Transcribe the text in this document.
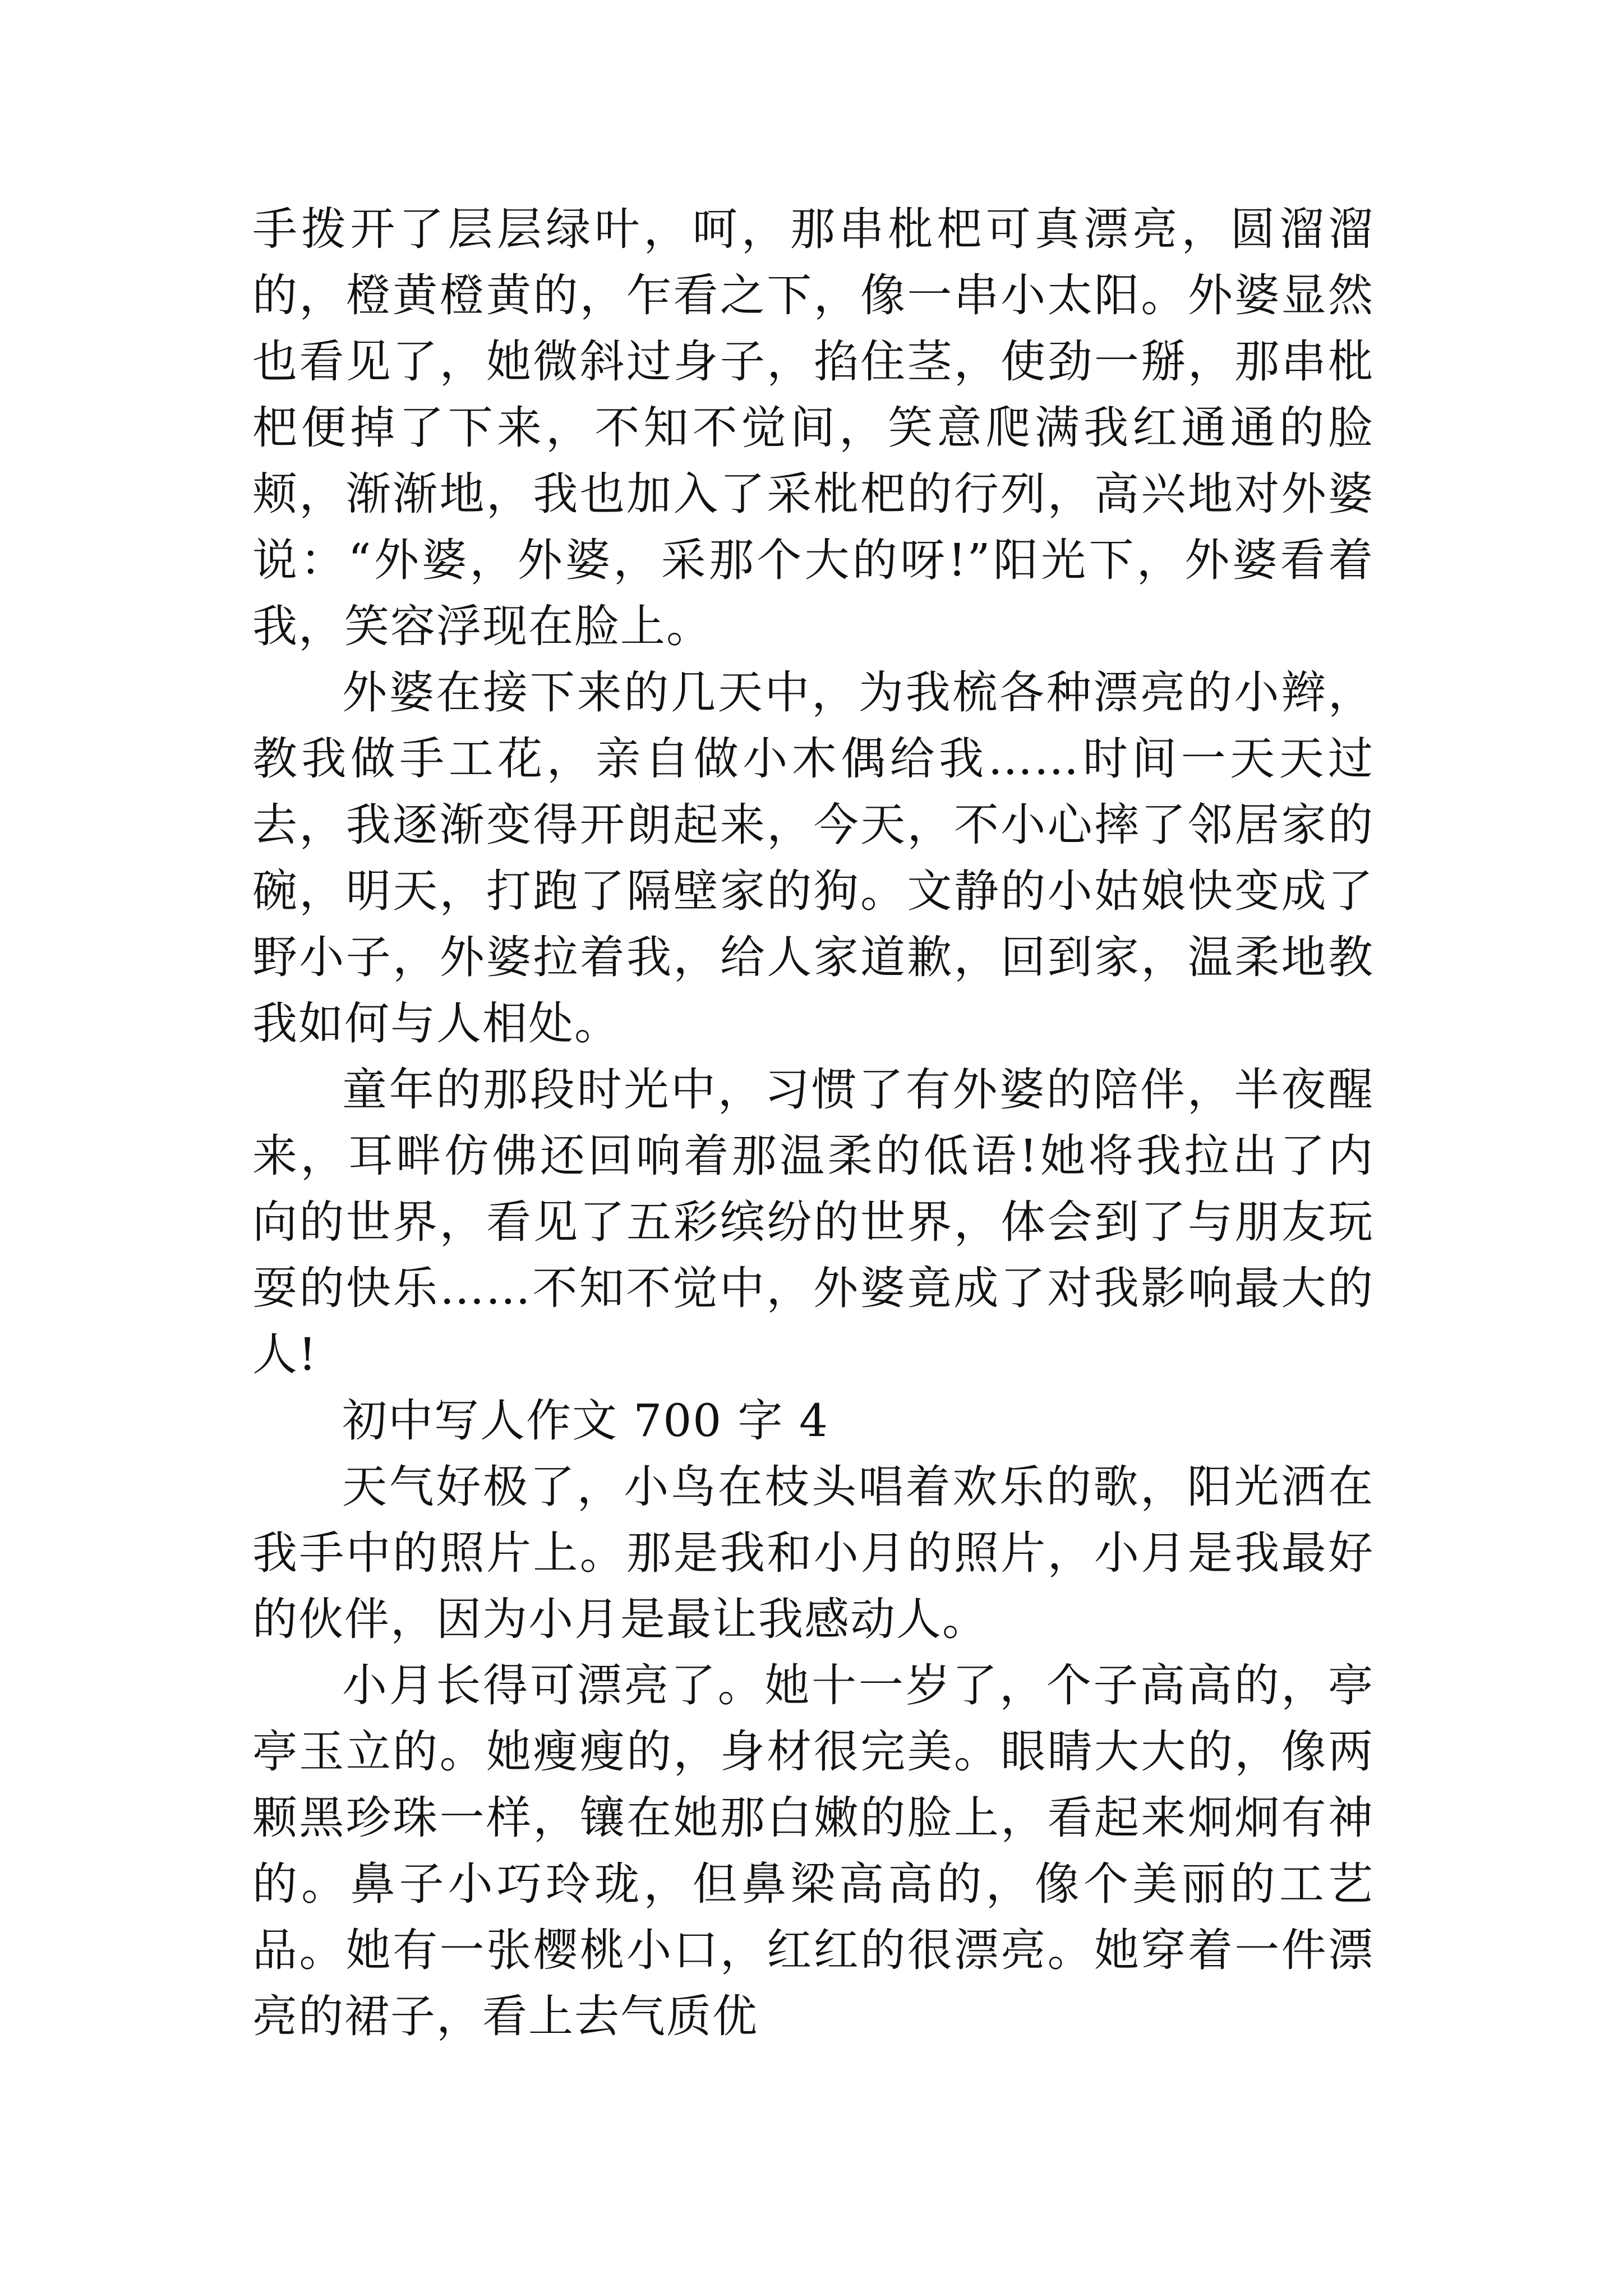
手拨开了层层绿叶，呵，那串枇杷可真漂亮，圆溜溜的，橙黄橙黄的，乍看之下，像一串小太阳。外婆显然也看见了，她微斜过身子，掐住茎，使劲一掰，那串枇杷便掉了下来，不知不觉间，笑意爬满我红通通的脸颊，渐渐地，我也加入了采枇杷的行列，高兴地对外婆说：“外婆，外婆，采那个大的呀!”阳光下，外婆看着我，笑容浮现在脸上。

外婆在接下来的几天中，为我梳各种漂亮的小辫，教我做手工花，亲自做小木偶给我……时间一天天过去，我逐渐变得开朗起来，今天，不小心摔了邻居家的碗，明天，打跑了隔壁家的狗。文静的小姑娘快变成了野小子，外婆拉着我，给人家道歉，回到家，温柔地教我如何与人相处。

童年的那段时光中，习惯了有外婆的陪伴，半夜醒来，耳畔仿佛还回响着那温柔的低语!她将我拉出了内向的世界，看见了五彩缤纷的世界，体会到了与朋友玩耍的快乐……不知不觉中，外婆竟成了对我影响最大的人!

初中写人作文 700 字 4

天气好极了，小鸟在枝头唱着欢乐的歌，阳光洒在我手中的照片上。那是我和小月的照片，小月是我最好的伙伴，因为小月是最让我感动人。

小月长得可漂亮了。她十一岁了，个子高高的，亭亭玉立的。她瘦瘦的，身材很完美。眼睛大大的，像两颗黑珍珠一样，镶在她那白嫩的脸上，看起来炯炯有神的。鼻子小巧玲珑，但鼻梁高高的，像个美丽的工艺品。她有一张樱桃小口，红红的很漂亮。她穿着一件漂亮的裙子，看上去气质优
